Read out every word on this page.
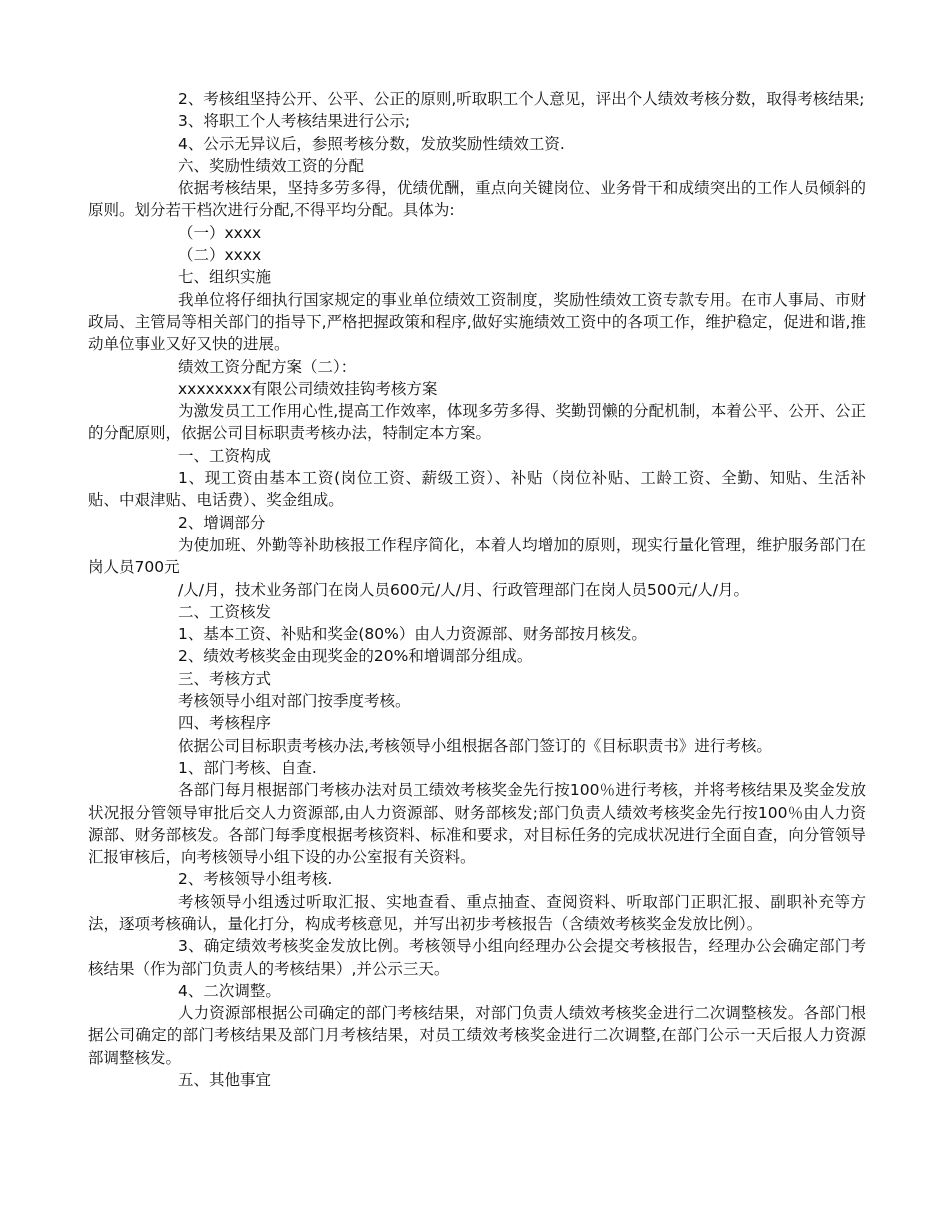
2、考核组坚持公开、公平、公正的原则,听取职工个人意见，评出个人绩效考核分数，取得考核结果;

3、将职工个人考核结果进行公示;

4、公示无异议后，参照考核分数，发放奖励性绩效工资.

六、奖励性绩效工资的分配

依据考核结果，坚持多劳多得，优绩优酬，重点向关键岗位、业务骨干和成绩突出的工作人员倾斜的原则。划分若干档次进行分配,不得平均分配。具体为:

（一）xxxx

（二）xxxx

七、组织实施

我单位将仔细执行国家规定的事业单位绩效工资制度，奖励性绩效工资专款专用。在市人事局、市财政局、主管局等相关部门的指导下,严格把握政策和程序,做好实施绩效工资中的各项工作，维护稳定，促进和谐,推动单位事业又好又快的进展。

绩效工资分配方案（二）：

xxxxxxxx有限公司绩效挂钩考核方案

为激发员工工作用心性,提高工作效率，体现多劳多得、奖勤罚懒的分配机制，本着公平、公开、公正的分配原则，依据公司目标职责考核办法，特制定本方案。

一、工资构成

1、现工资由基本工资(岗位工资、薪级工资）、补贴（岗位补贴、工龄工资、全勤、知贴、生活补贴、中艰津贴、电话费）、奖金组成。

2、增调部分

为使加班、外勤等补助核报工作程序简化，本着人均增加的原则，现实行量化管理，维护服务部门在岗人员700元

/人/月，技术业务部门在岗人员600元/人/月、行政管理部门在岗人员500元/人/月。

二、工资核发

1、基本工资、补贴和奖金(80%）由人力资源部、财务部按月核发。

2、绩效考核奖金由现奖金的20%和增调部分组成。

三、考核方式

考核领导小组对部门按季度考核。

四、考核程序

依据公司目标职责考核办法,考核领导小组根据各部门签订的《目标职责书》进行考核。

1、部门考核、自查.

各部门每月根据部门考核办法对员工绩效考核奖金先行按100％进行考核，并将考核结果及奖金发放状况报分管领导审批后交人力资源部,由人力资源部、财务部核发;部门负责人绩效考核奖金先行按100％由人力资源部、财务部核发。各部门每季度根据考核资料、标准和要求，对目标任务的完成状况进行全面自查，向分管领导汇报审核后，向考核领导小组下设的办公室报有关资料。

2、考核领导小组考核.

考核领导小组透过听取汇报、实地查看、重点抽查、查阅资料、听取部门正职汇报、副职补充等方法，逐项考核确认，量化打分，构成考核意见，并写出初步考核报告（含绩效考核奖金发放比例）。

3、确定绩效考核奖金发放比例。考核领导小组向经理办公会提交考核报告，经理办公会确定部门考核结果（作为部门负责人的考核结果）,并公示三天。

4、二次调整。

人力资源部根据公司确定的部门考核结果，对部门负责人绩效考核奖金进行二次调整核发。各部门根据公司确定的部门考核结果及部门月考核结果，对员工绩效考核奖金进行二次调整,在部门公示一天后报人力资源部调整核发。

五、其他事宜
